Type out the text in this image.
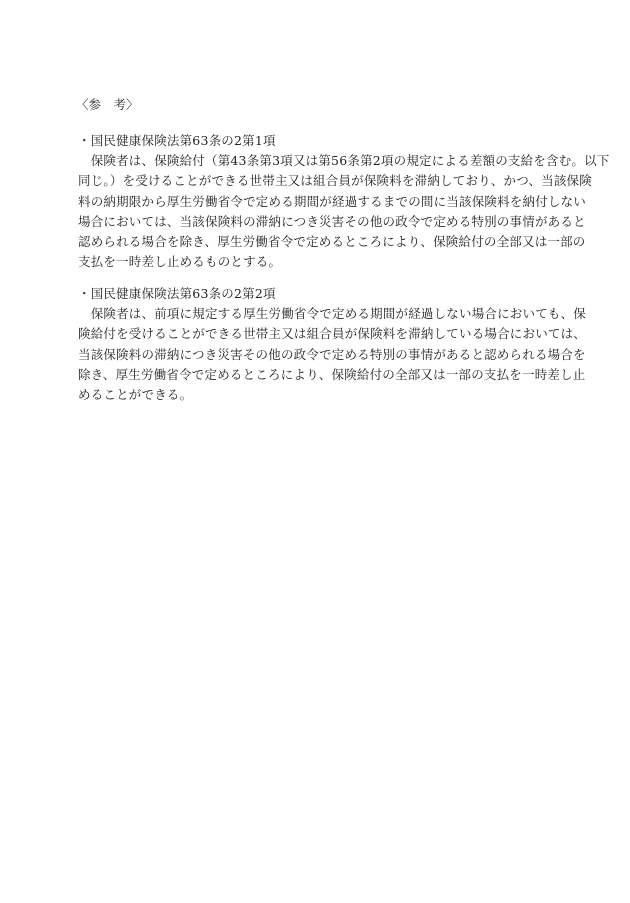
〈参　考〉
・国民健康保険法第63条の2第1項
　保険者は、保険給付（第43条第3項又は第56条第2項の規定による差額の支給を含む。以下
同じ。）を受けることができる世帯主又は組合員が保険料を滞納しており、かつ、当該保険
料の納期限から厚生労働省令で定める期間が経過するまでの間に当該保険料を納付しない
場合においては、当該保険料の滞納につき災害その他の政令で定める特別の事情があると
認められる場合を除き、厚生労働省令で定めるところにより、保険給付の全部又は一部の
支払を一時差し止めるものとする。
・国民健康保険法第63条の2第2項
　保険者は、前項に規定する厚生労働省令で定める期間が経過しない場合においても、保
険給付を受けることができる世帯主又は組合員が保険料を滞納している場合においては、
当該保険料の滞納につき災害その他の政令で定める特別の事情があると認められる場合を
除き、厚生労働省令で定めるところにより、保険給付の全部又は一部の支払を一時差し止
めることができる。
